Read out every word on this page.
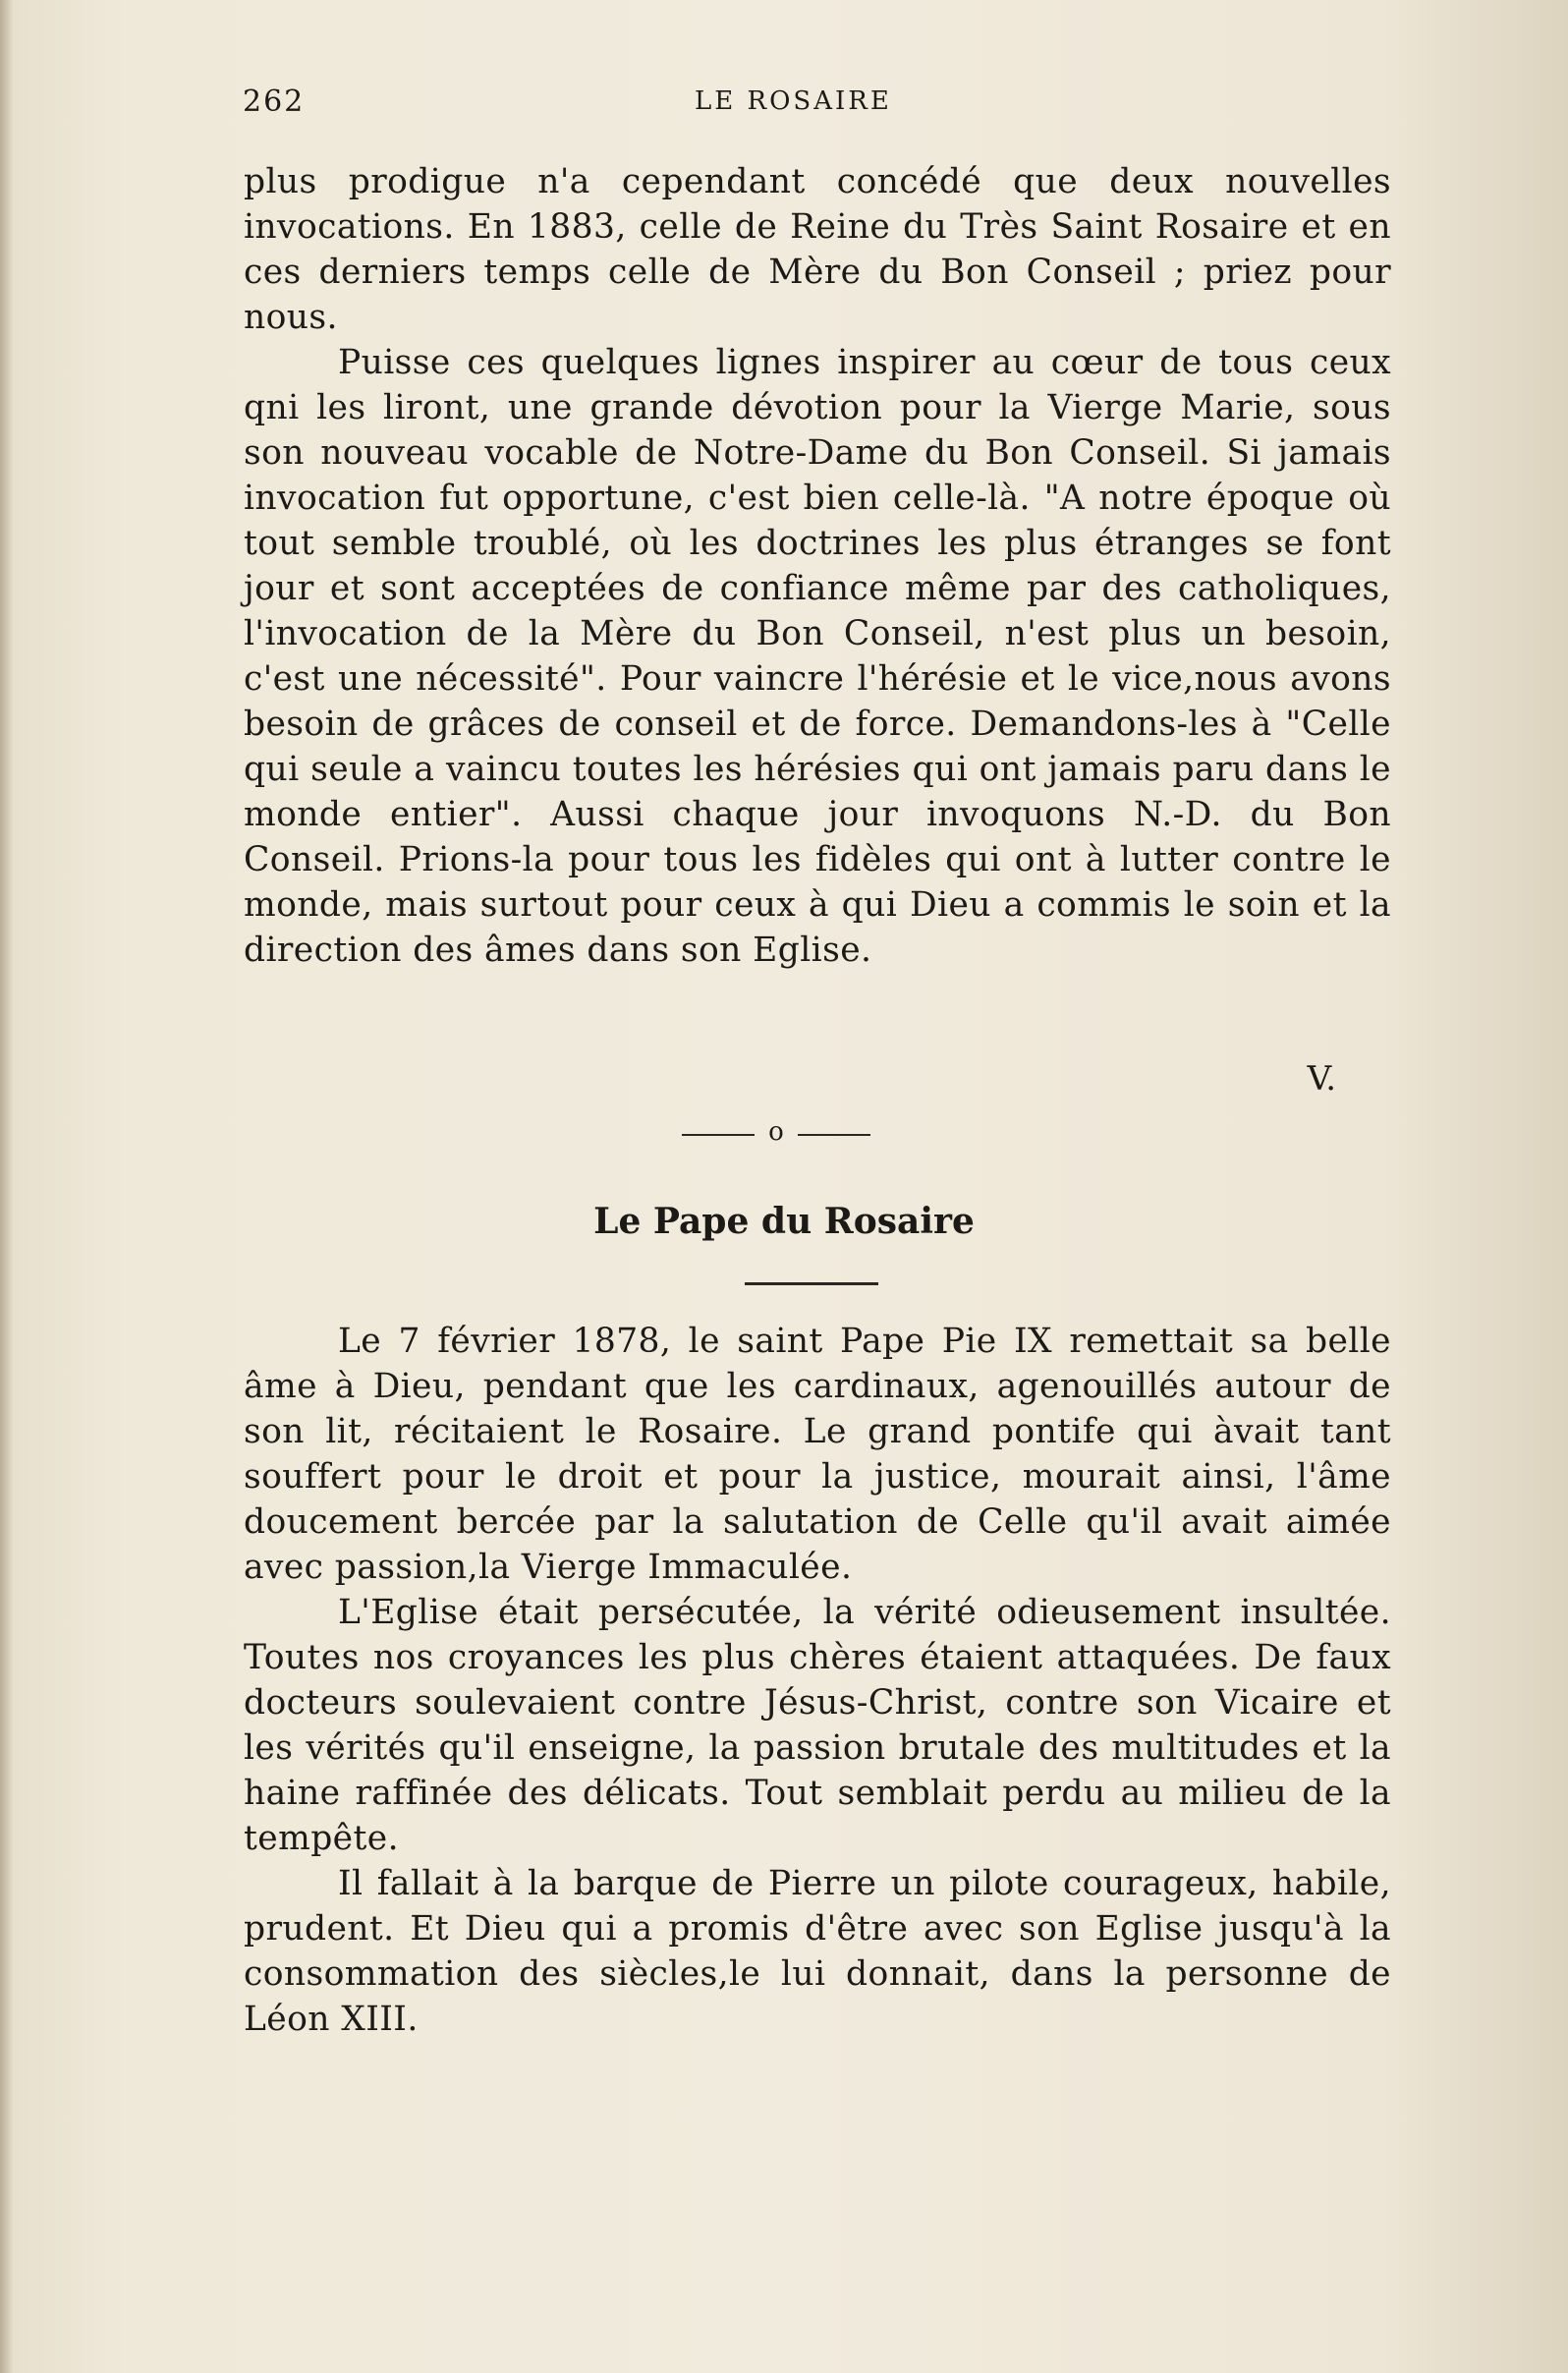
262	LE ROSAIRE

plus prodigue n'a cependant concédé que deux nouvelles invocations. En 1883, celle de Reine du Très Saint Rosaire et en ces derniers temps celle de Mère du Bon Conseil ; priez pour nous.

Puisse ces quelques lignes inspirer au cœur de tous ceux qni les liront, une grande dévotion pour la Vierge Marie, sous son nouveau vocable de Notre-Dame du Bon Conseil. Si jamais invocation fut opportune, c'est bien celle-là. "A notre époque où tout semble troublé, où les doctrines les plus étranges se font jour et sont acceptées de confiance même par des catholiques, l'invocation de la Mère du Bon Conseil, n'est plus un besoin, c'est une nécessité". Pour vaincre l'hérésie et le vice,nous avons besoin de grâces de conseil et de force. Demandons-les à "Celle qui seule a vaincu toutes les hérésies qui ont jamais paru dans le monde entier". Aussi chaque jour invoquons N.-D. du Bon Conseil. Prions-la pour tous les fidèles qui ont à lutter contre le monde, mais surtout pour ceux à qui Dieu a commis le soin et la direction des âmes dans son Eglise.

V.
o
Le Pape du Rosaire

Le 7 février 1878, le saint Pape Pie IX remettait sa belle âme à Dieu, pendant que les cardinaux, agenouillés autour de son lit, récitaient le Rosaire. Le grand pontife qui àvait tant souffert pour le droit et pour la justice, mourait ainsi, l'âme doucement bercée par la salutation de Celle qu'il avait aimée avec passion,la Vierge Immaculée.

L'Eglise était persécutée, la vérité odieusement insultée. Toutes nos croyances les plus chères étaient attaquées. De faux docteurs soulevaient contre Jésus-Christ, contre son Vicaire et les vérités qu'il enseigne, la passion brutale des multitudes et la haine raffinée des délicats. Tout semblait perdu au milieu de la tempête.

Il fallait à la barque de Pierre un pilote courageux, habile, prudent. Et Dieu qui a promis d'être avec son Eglise jusqu'à la consommation des siècles,le lui donnait, dans la personne de Léon XIII.
